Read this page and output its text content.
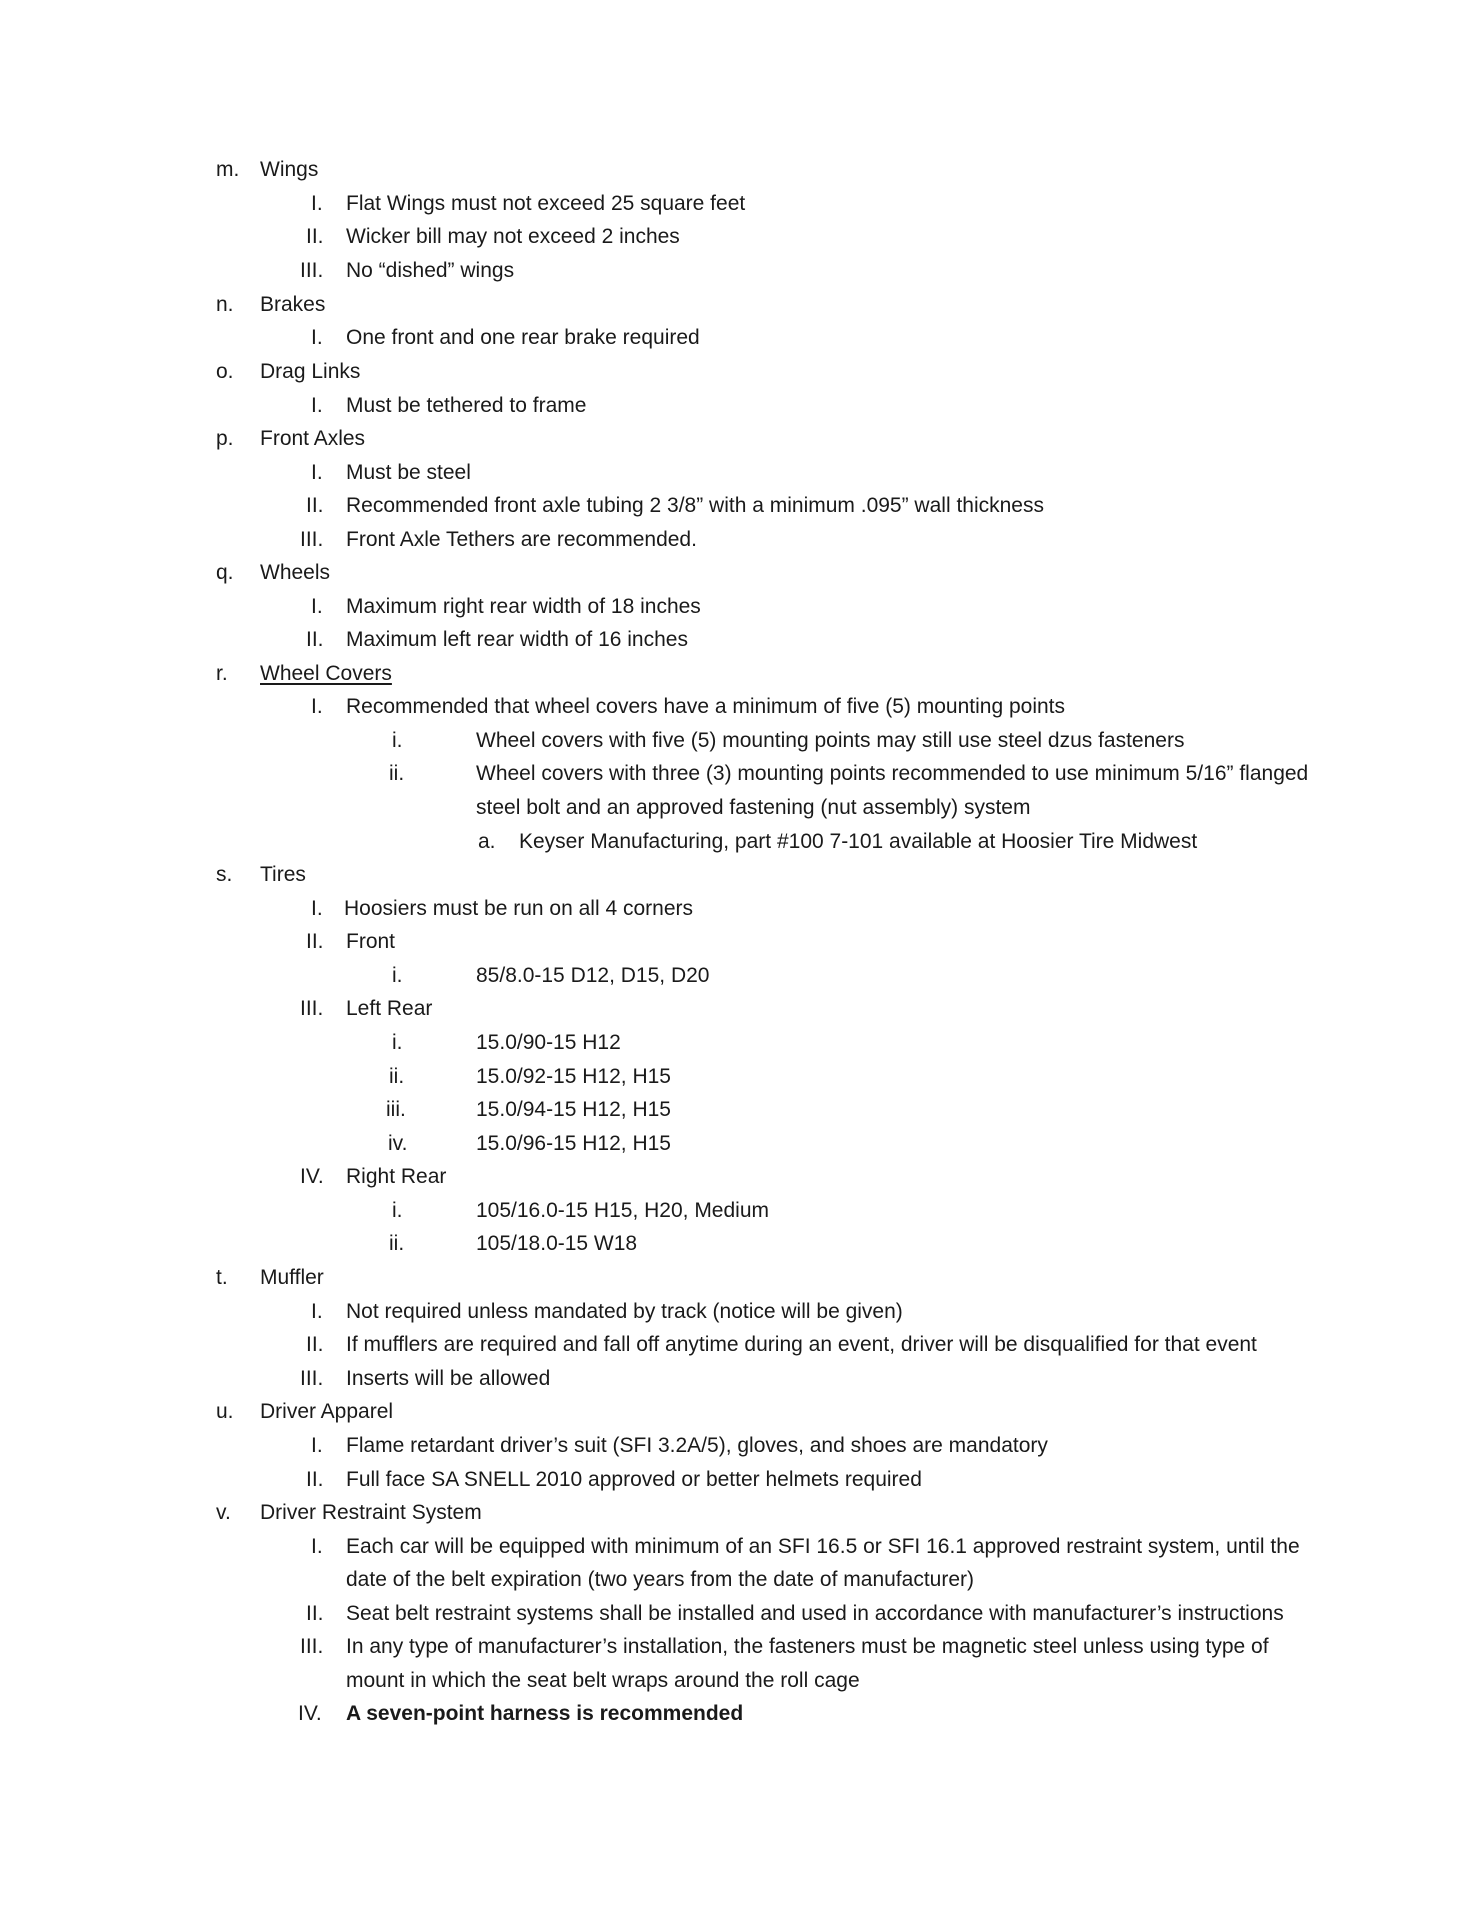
m. Wings
I. Flat Wings must not exceed 25 square feet
II. Wicker bill may not exceed 2 inches
III. No “dished” wings
n. Brakes
I. One front and one rear brake required
o. Drag Links
I. Must be tethered to frame
p. Front Axles
I. Must be steel
II. Recommended front axle tubing 2 3/8” with a minimum .095” wall thickness
III. Front Axle Tethers are recommended.
q. Wheels
I. Maximum right rear width of 18 inches
II. Maximum left rear width of 16 inches
r. Wheel Covers
I. Recommended that wheel covers have a minimum of five (5) mounting points
i.	Wheel covers with five (5) mounting points may still use steel dzus fasteners
ii.	Wheel covers with three (3) mounting points recommended to use minimum 5/16” flanged
steel bolt and an approved fastening (nut assembly) system
a. Keyser Manufacturing, part #100 7-101 available at Hoosier Tire Midwest
s. Tires
I. Hoosiers must be run on all 4 corners
II. Front
i.	85/8.0-15 D12, D15, D20
III. Left Rear
i.	15.0/90-15 H12
ii.	15.0/92-15 H12, H15
iii.	15.0/94-15 H12, H15
iv.	15.0/96-15 H12, H15
IV. Right Rear
i.	105/16.0-15 H15, H20, Medium
ii.	105/18.0-15 W18
t. Muffler
I. Not required unless mandated by track (notice will be given)
II. If mufflers are required and fall off anytime during an event, driver will be disqualified for that event
III. Inserts will be allowed
u. Driver Apparel
I. Flame retardant driver’s suit (SFI 3.2A/5), gloves, and shoes are mandatory
II. Full face SA SNELL 2010 approved or better helmets required
v. Driver Restraint System
I. Each car will be equipped with minimum of an SFI 16.5 or SFI 16.1 approved restraint system, until the
date of the belt expiration (two years from the date of manufacturer)
II. Seat belt restraint systems shall be installed and used in accordance with manufacturer’s instructions
III. In any type of manufacturer’s installation, the fasteners must be magnetic steel unless using type of
mount in which the seat belt wraps around the roll cage
IV. A seven-point harness is recommended
